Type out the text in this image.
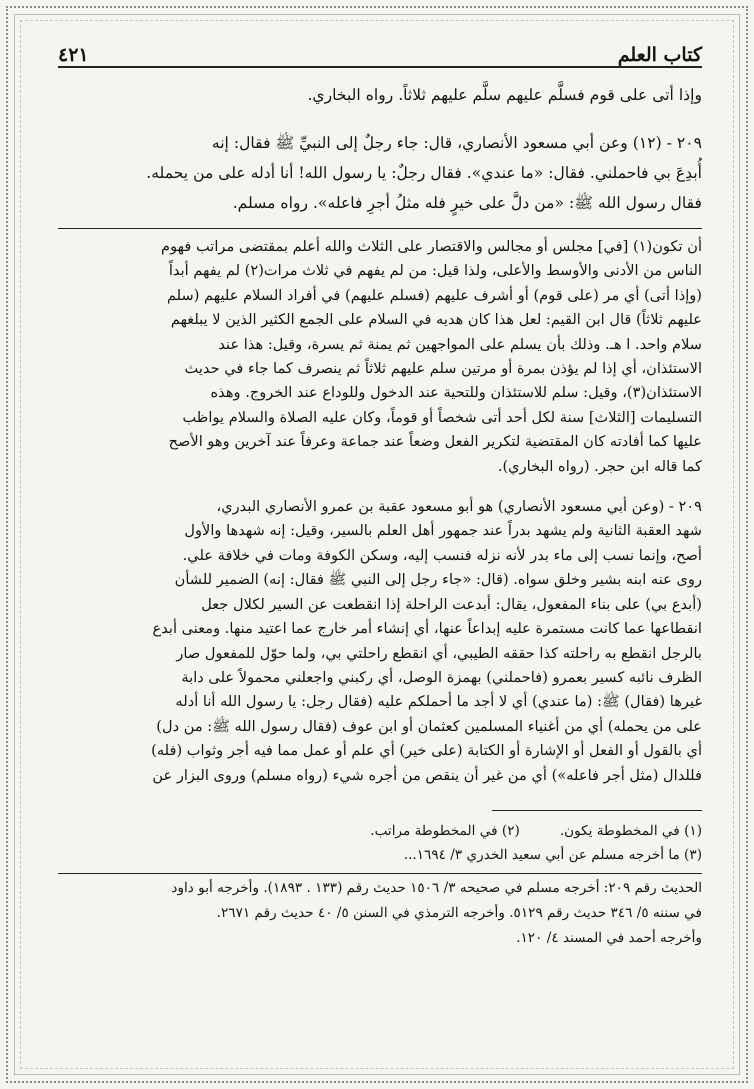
كتاب العلم
٤٢١

وإذا أتى على قوم فسلَّم عليهم سلَّم عليهم ثلاثاً. رواه البخاري.

٢٠٩ - (١٢) وعن أبي مسعود الأنصاري، قال: جاء رجلٌ إلى النبيِّ ﷺ فقال: إنه

أُبدِعَ بي فاحملني. فقال: «ما عندي». فقال رجلٌ: يا رسول الله! أنا أدله على من يحمله.

فقال رسول الله ﷺ: «من دلَّ على خيرٍ فله مثلُ أجرِ فاعله». رواه مسلم.

أن تكون(١) [في] مجلس أو مجالس والاقتصار على الثلاث والله أعلم بمقتضى مراتب فهوم

الناس من الأدنى والأوسط والأعلى، ولذا قيل: من لم يفهم في ثلاث مرات(٢) لم يفهم أبداً

(وإذا أتى) أي مر (على قوم) أو أشرف عليهم (فسلم عليهم) في أفراد السلام عليهم (سلم

عليهم ثلاثاً) قال ابن القيم: لعل هذا كان هديه في السلام على الجمع الكثير الذين لا يبلغهم

سلام واحد. ا هـ. وذلك بأن يسلم على المواجهين ثم يمنة ثم يسرة، وقيل: هذا عند

الاستئذان، أي إذا لم يؤذن بمرة أو مرتين سلم عليهم ثلاثاً ثم ينصرف كما جاء في حديث

الاستئذان(٣)، وقيل: سلم للاستئذان وللتحية عند الدخول وللوداع عند الخروج. وهذه

التسليمات [الثلاث] سنة لكل أحد أتى شخصاً أو قوماً، وكان عليه الصلاة والسلام يواظب

عليها كما أفادته كان المقتضية لتكرير الفعل وضعاً عند جماعة وعرفاً عند آخرين وهو الأصح

كما قاله ابن حجر. (رواه البخاري).

٢٠٩ - (وعن أبي مسعود الأنصاري) هو أبو مسعود عقبة بن عمرو الأنصاري البدري،

شهد العقبة الثانية ولم يشهد بدراً عند جمهور أهل العلم بالسير، وقيل: إنه شهدها والأول

أصح، وإنما نسب إلى ماء بدر لأنه نزله فنسب إليه، وسكن الكوفة ومات في خلافة علي.

روى عنه ابنه بشير وخلق سواه. (قال: «جاء رجل إلى النبي ﷺ فقال: إنه) الضمير للشأن

(أبدع بي) على بناء المفعول، يقال: أبدعت الراحلة إذا انقطعت عن السير لكلال جعل

انقطاعها عما كانت مستمرة عليه إبداعاً عنها، أي إنشاء أمر خارج عما اعتيد منها. ومعنى أبدع

بالرجل انقطع به راحلته كذا حققه الطيبي، أي انقطع راحلتي بي، ولما حوّل للمفعول صار

الظرف نائبه كسير بعمرو (فاحملني) بهمزة الوصل، أي ركبني واجعلني محمولاً على دابة

غيرها (فقال) ﷺ: (ما عندي) أي لا أجد ما أحملكم عليه (فقال رجل: يا رسول الله أنا أدله

على من يحمله) أي من أغنياء المسلمين كعثمان أو ابن عوف (فقال رسول الله ﷺ: من دل)

أي بالقول أو الفعل أو الإشارة أو الكتابة (على خير) أي علم أو عمل مما فيه أجر وثواب (فله)

فللدال (مثل أجر فاعله») أي من غير أن ينقص من أجره شيء (رواه مسلم) وروى البزار عن

(١) في المخطوطة يكون.
(٢) في المخطوطة مراتب.
(٣) ما أخرجه مسلم عن أبي سعيد الخدري ٣/ ١٦٩٤...
الحديث رقم ٢٠٩: أخرجه مسلم في صحيحه ٣/ ١٥٠٦ حديث رقم (١٣٣ . ١٨٩٣). وأخرجه أبو داود
في سننه ٥/ ٣٤٦ حديث رقم ٥١٢٩. وأخرجه الترمذي في السنن ٥/ ٤٠ حديث رقم ٢٦٧١.
وأخرجه أحمد في المسند ٤/ ١٢٠.
